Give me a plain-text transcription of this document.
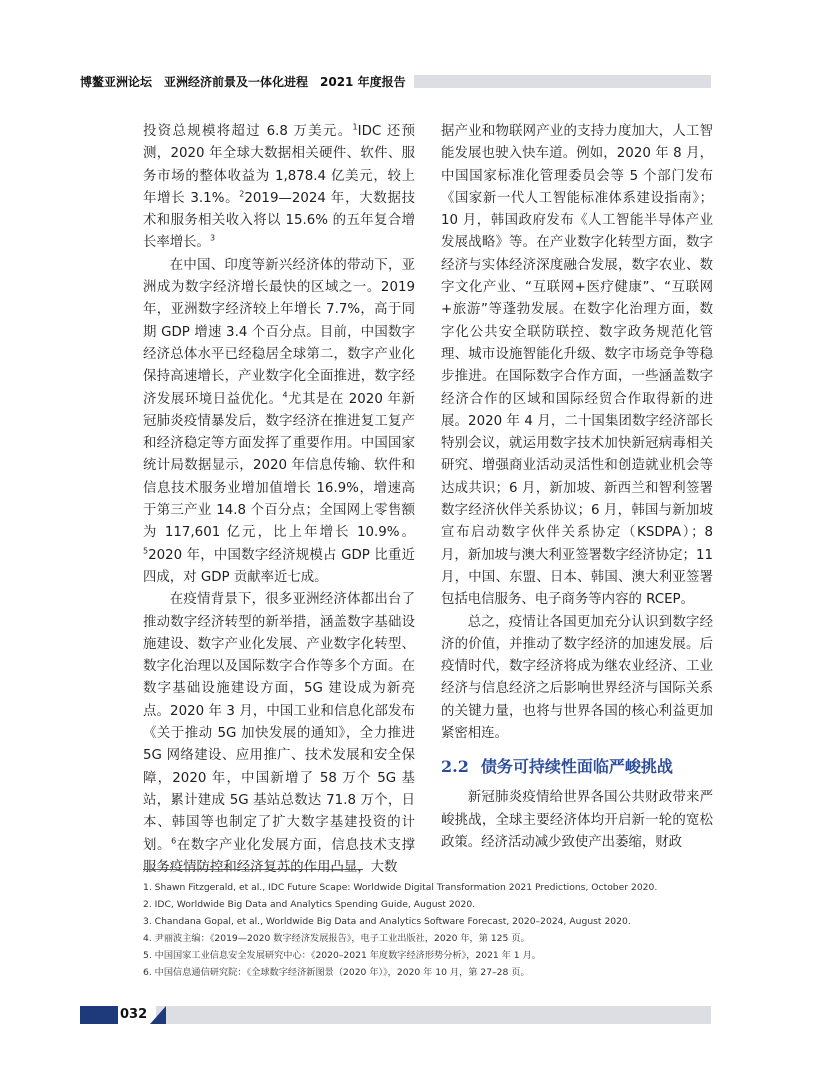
博鳌亚洲论坛　亚洲经济前景及一体化进程　2021 年度报告

投资总规模将超过 6.8 万美元。$^1$IDC 还预测，2020 年全球大数据相关硬件、软件、服务市场的整体收益为 1,878.4 亿美元，较上年增长 3.1%。$^2$2019—2024 年，大数据技术和服务相关收入将以 15.6% 的五年复合增长率增长。$^3$

在中国、印度等新兴经济体的带动下，亚洲成为数字经济增长最快的区域之一。2019 年，亚洲数字经济较上年增长 7.7%，高于同期 GDP 增速 3.4 个百分点。目前，中国数字经济总体水平已经稳居全球第二，数字产业化保持高速增长，产业数字化全面推进，数字经济发展环境日益优化。$^4$尤其是在 2020 年新冠肺炎疫情暴发后，数字经济在推进复工复产和经济稳定等方面发挥了重要作用。中国国家统计局数据显示，2020 年信息传输、软件和信息技术服务业增加值增长 16.9%，增速高于第三产业 14.8 个百分点；全国网上零售额为 117,601 亿元，比上年增长 10.9%。$^5$2020 年，中国数字经济规模占 GDP 比重近四成，对 GDP 贡献率近七成。

在疫情背景下，很多亚洲经济体都出台了推动数字经济转型的新举措，涵盖数字基础设施建设、数字产业化发展、产业数字化转型、数字化治理以及国际数字合作等多个方面。在数字基础设施建设方面，5G 建设成为新亮点。2020 年 3 月，中国工业和信息化部发布《关于推动 5G 加快发展的通知》，全力推进 5G 网络建设、应用推广、技术发展和安全保障，2020 年，中国新增了 58 万个 5G 基站，累计建成 5G 基站总数达 71.8 万个，日本、韩国等也制定了扩大数字基建投资的计划。$^6$在数字产业化发展方面，信息技术支撑服务疫情防控和经济复苏的作用凸显，大数

据产业和物联网产业的支持力度加大，人工智能发展也驶入快车道。例如，2020 年 8 月，中国国家标准化管理委员会等 5 个部门发布《国家新一代人工智能标准体系建设指南》；10 月，韩国政府发布《人工智能半导体产业发展战略》等。在产业数字化转型方面，数字经济与实体经济深度融合发展，数字农业、数字文化产业、“互联网+医疗健康”、“互联网+旅游”等蓬勃发展。在数字化治理方面，数字化公共安全联防联控、数字政务规范化管理、城市设施智能化升级、数字市场竞争等稳步推进。在国际数字合作方面，一些涵盖数字经济合作的区域和国际经贸合作取得新的进展。2020 年 4 月，二十国集团数字经济部长特别会议，就运用数字技术加快新冠病毒相关研究、增强商业活动灵活性和创造就业机会等达成共识；6 月，新加坡、新西兰和智利签署数字经济伙伴关系协议；6 月，韩国与新加坡宣布启动数字伙伴关系协定（KSDPA）；8 月，新加坡与澳大利亚签署数字经济协定；11 月，中国、东盟、日本、韩国、澳大利亚签署包括电信服务、电子商务等内容的 RCEP。

总之，疫情让各国更加充分认识到数字经济的价值，并推动了数字经济的加速发展。后疫情时代，数字经济将成为继农业经济、工业经济与信息经济之后影响世界经济与国际关系的关键力量，也将与世界各国的核心利益更加紧密相连。

2.2 债务可持续性面临严峻挑战

新冠肺炎疫情给世界各国公共财政带来严峻挑战，全球主要经济体均开启新一轮的宽松政策。经济活动减少致使产出萎缩，财政

1. Shawn Fitzgerald, et al., IDC Future Scape: Worldwide Digital Transformation 2021 Predictions, October 2020.
2. IDC, Worldwide Big Data and Analytics Spending Guide, August 2020.
3. Chandana Gopal, et al., Worldwide Big Data and Analytics Software Forecast, 2020–2024, August 2020.
4. 尹丽波主编：《2019—2020 数字经济发展报告》，电子工业出版社，2020 年，第 125 页。
5. 中国国家工业信息安全发展研究中心：《2020–2021 年度数字经济形势分析》，2021 年 1 月。
6. 中国信息通信研究院：《全球数字经济新图景（2020 年）》，2020 年 10 月，第 27–28 页。
032
